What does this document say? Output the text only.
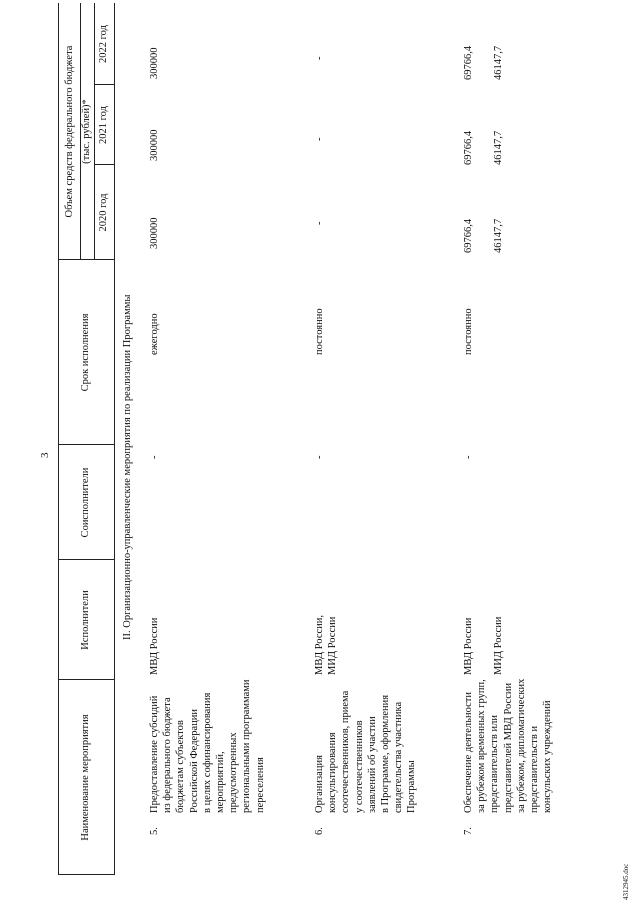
3
Наименование мероприятия
Исполнители
Соисполнители
Срок исполнения
Объем средств федерального бюджета (тыс. рублей)*
2020 год
2021 год
2022 год
II. Организационно-управленческие мероприятия по реализации Программы
5.
Предоставление субсидий
из федерального бюджета
бюджетам субъектов
Российской Федерации
в целях софинансирования
мероприятий,
предусмотренных
региональными программами
переселения
МВД России
-
ежегодно
300000
300000
300000
6.
Организация
консультирования
соотечественников, приема
у соотечественников
заявлений об участии
в Программе, оформления
свидетельства участника
Программы
МВД России,
МИД России
-
постоянно
-
-
-
7.
Обеспечение деятельности
за рубежом временных групп,
представительств или
представителей МВД России
за рубежом, дипломатических
представительств и
консульских учреждений
МВД России МИД России
-
постоянно
69766,4
69766,4
69766,4
46147,7
46147,7
46147,7
4312945.doc
